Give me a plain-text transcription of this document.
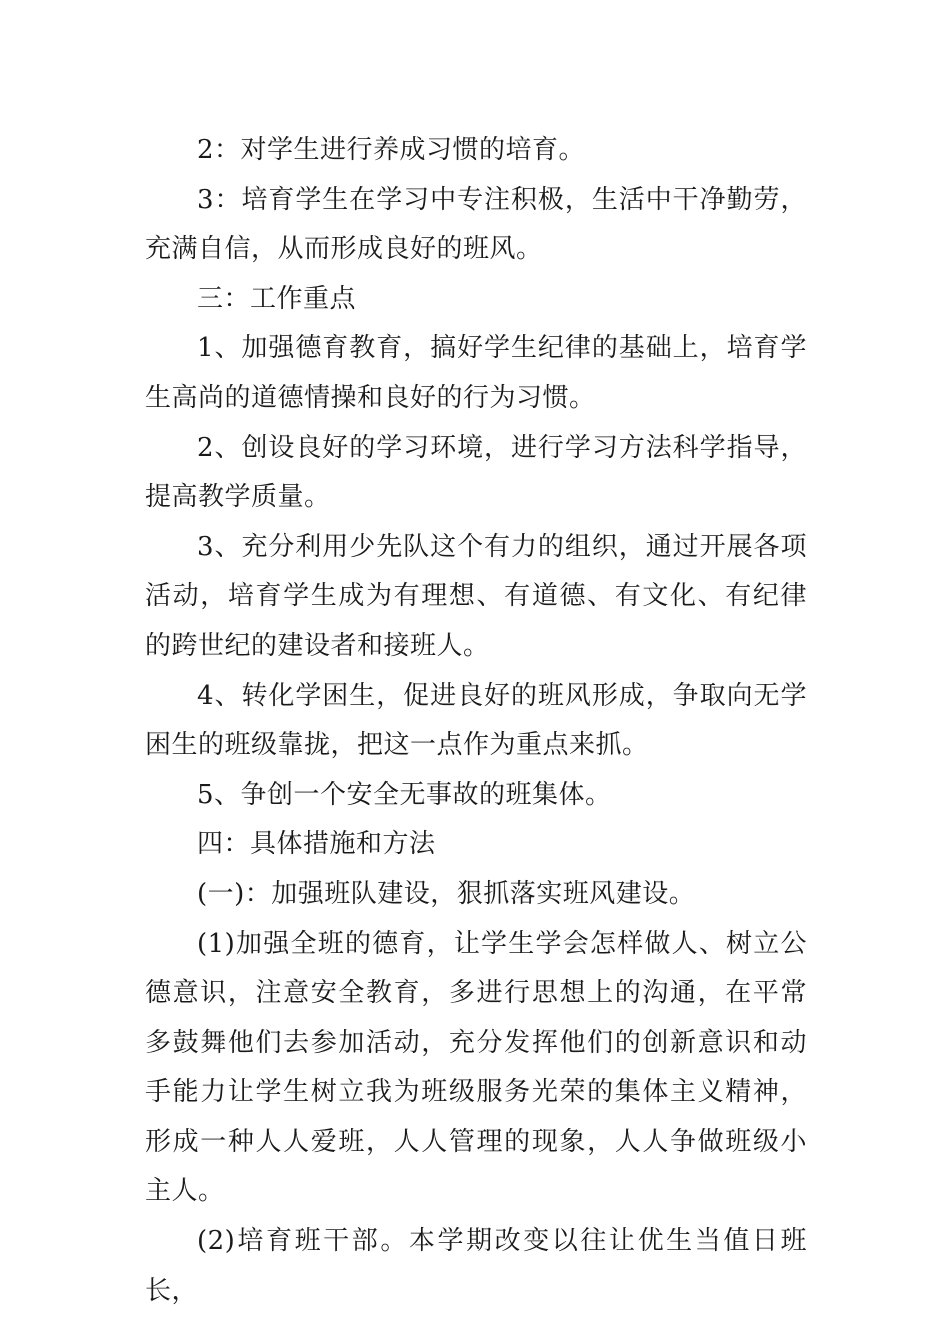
2：对学生进行养成习惯的培育。

3：培育学生在学习中专注积极，生活中干净勤劳，充满自信，从而形成良好的班风。

三：工作重点

1、加强德育教育，搞好学生纪律的基础上，培育学生高尚的道德情操和良好的行为习惯。

2、创设良好的学习环境，进行学习方法科学指导，提高教学质量。

3、充分利用少先队这个有力的组织，通过开展各项活动，培育学生成为有理想、有道德、有文化、有纪律的跨世纪的建设者和接班人。

4、转化学困生，促进良好的班风形成，争取向无学困生的班级靠拢，把这一点作为重点来抓。

5、争创一个安全无事故的班集体。

四：具体措施和方法

(一)：加强班队建设，狠抓落实班风建设。

(1)加强全班的德育，让学生学会怎样做人、树立公德意识，注意安全教育，多进行思想上的沟通，在平常多鼓舞他们去参加活动，充分发挥他们的创新意识和动手能力让学生树立我为班级服务光荣的集体主义精神，形成一种人人爱班，人人管理的现象，人人争做班级小主人。

(2)培育班干部。本学期改变以往让优生当值日班长，
